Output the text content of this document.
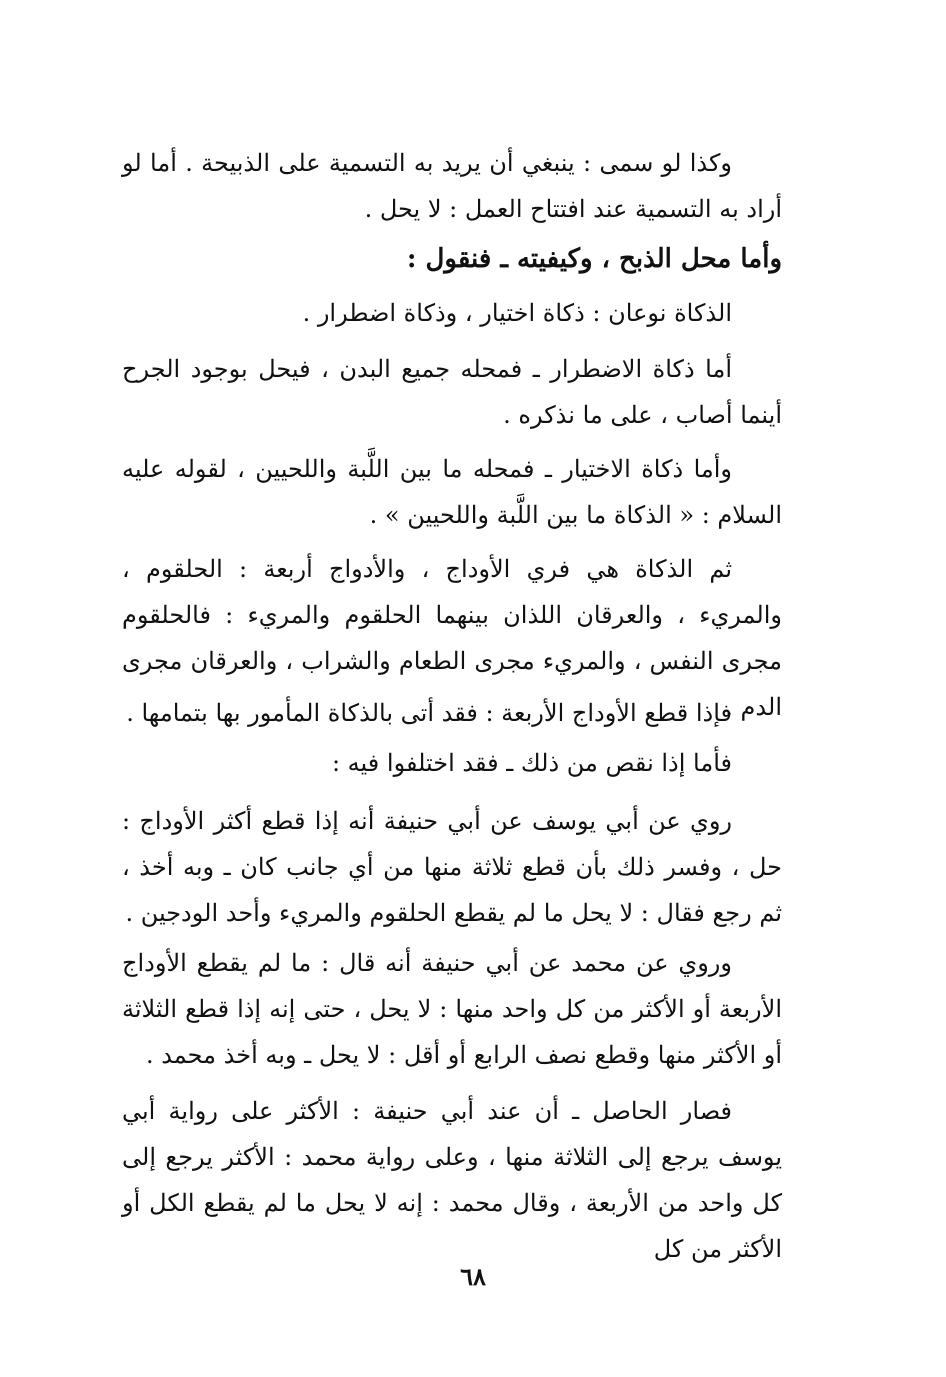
وكذا لو سمى : ينبغي أن يريد به التسمية على الذبيحة . أما لو أراد به التسمية عند افتتاح العمل : لا يحل .

وأما محل الذبح ، وكيفيته ـ فنقول :

الذكاة نوعان : ذكاة اختيار ، وذكاة اضطرار .

أما ذكاة الاضطرار ـ فمحله جميع البدن ، فيحل بوجود الجرح أينما أصاب ، على ما نذكره .

وأما ذكاة الاختيار ـ فمحله ما بين اللَّبة واللحيين ، لقوله عليه السلام : « الذكاة ما بين اللَّبة واللحيين » .

ثم الذكاة هي فري الأوداج ، والأدواج أربعة : الحلقوم ، والمريء ، والعرقان اللذان بينهما الحلقوم والمريء : فالحلقوم مجرى النفس ، والمريء مجرى الطعام والشراب ، والعرقان مجرى الدم .

فإذا قطع الأوداج الأربعة : فقد أتى بالذكاة المأمور بها بتمامها .

فأما إذا نقص من ذلك ـ فقد اختلفوا فيه :

روي عن أبي يوسف عن أبي حنيفة أنه إذا قطع أكثر الأوداج : حل ، وفسر ذلك بأن قطع ثلاثة منها من أي جانب كان ـ وبه أخذ ، ثم رجع فقال : لا يحل ما لم يقطع الحلقوم والمريء وأحد الودجين .

وروي عن محمد عن أبي حنيفة أنه قال : ما لم يقطع الأوداج الأربعة أو الأكثر من كل واحد منها : لا يحل ، حتى إنه إذا قطع الثلاثة أو الأكثر منها وقطع نصف الرابع أو أقل : لا يحل ـ وبه أخذ محمد .

فصار الحاصل ـ أن عند أبي حنيفة : الأكثر على رواية أبي يوسف يرجع إلى الثلاثة منها ، وعلى رواية محمد : الأكثر يرجع إلى كل واحد من الأربعة ، وقال محمد : إنه لا يحل ما لم يقطع الكل أو الأكثر من كل

٦٨
